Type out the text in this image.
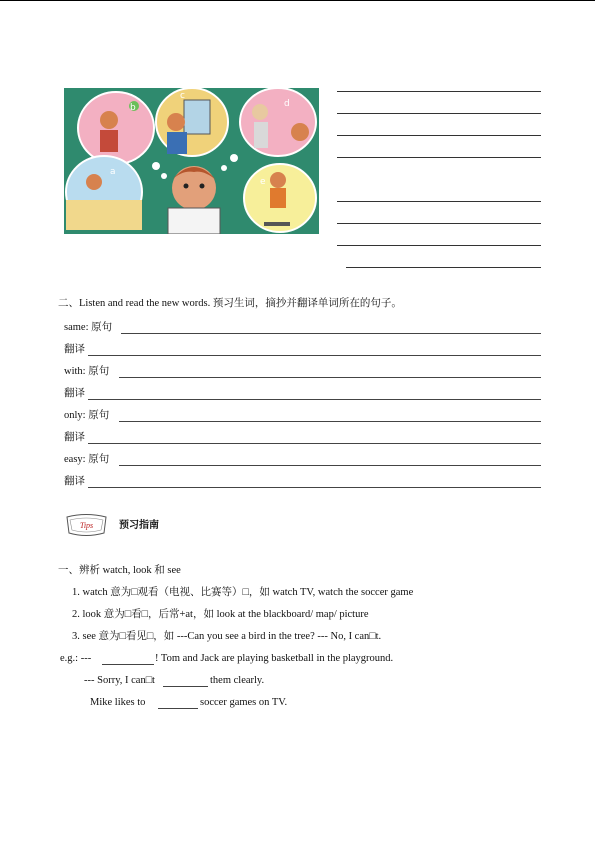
b
c
d
a
e
二、Listen and read the new words. 预习生词，摘抄并翻译单词所在的句子。
same: 原句
翻译
with: 原句
翻译
only: 原句
翻译
easy: 原句
翻译
Tips	预习指南
一、辨析 watch, look 和 see
1. watch 意为□观看（电视、比赛等）□，如 watch TV, watch the soccer game
2. look 意为□看□，后常+at，如 look at the blackboard/ map/ picture
3. see 意为□看见□，如 ---Can you see a bird in the tree? --- No, I can□t.
e.g.: ---	! Tom and Jack are playing basketball in the playground.
--- Sorry, I can□t	them clearly.
Mike likes to	soccer games on TV.
